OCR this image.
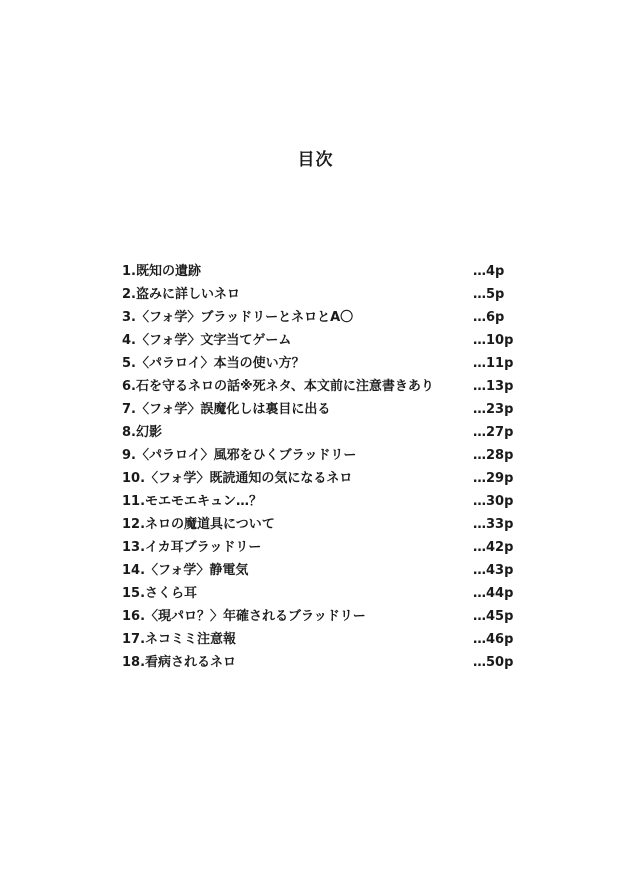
目次
1.既知の遺跡	…4p
2.盗みに詳しいネロ	…5p
3.〈フォ学〉ブラッドリーとネロとA〇	…6p
4.〈フォ学〉文字当てゲーム	…10p
5.〈パラロイ〉本当の使い方？	…11p
6.石を守るネロの話※死ネタ、本文前に注意書きあり	…13p
7.〈フォ学〉誤魔化しは裏目に出る	…23p
8.幻影	…27p
9.〈パラロイ〉風邪をひくブラッドリー	…28p
10.〈フォ学〉既読通知の気になるネロ	…29p
11.モエモエキュン…？	…30p
12.ネロの魔道具について	…33p
13.イカ耳ブラッドリー	…42p
14.〈フォ学〉静電気	…43p
15.さくら耳	…44p
16.〈現パロ？〉年確されるブラッドリー	…45p
17.ネコミミ注意報	…46p
18.看病されるネロ	…50p
